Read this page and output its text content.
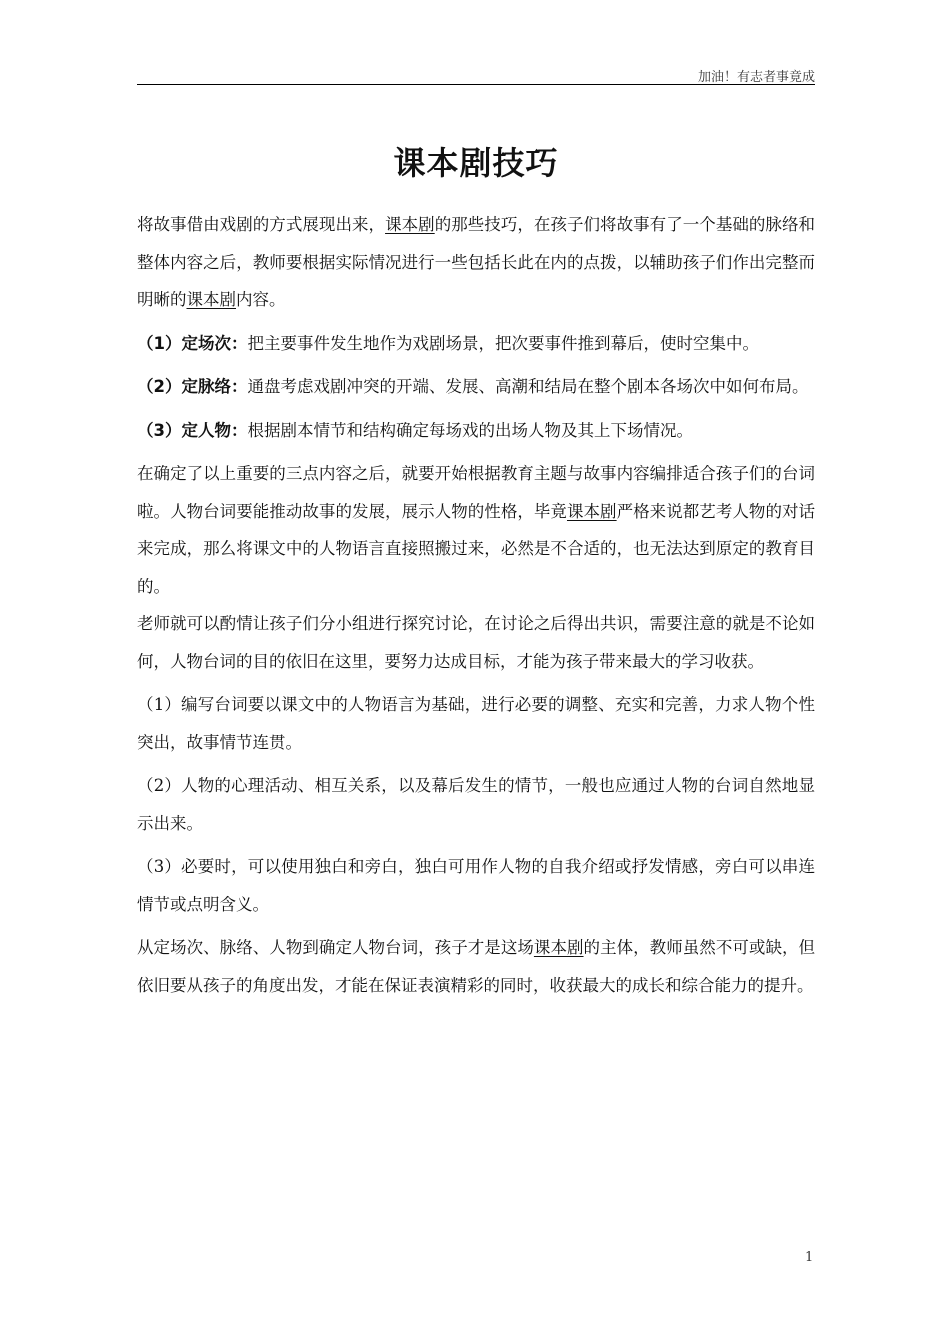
加油！有志者事竟成
课本剧技巧

将故事借由戏剧的方式展现出来，课本剧的那些技巧，在孩子们将故事有了一个基础的脉络和整体内容之后，教师要根据实际情况进行一些包括长此在内的点拨，以辅助孩子们作出完整而明晰的课本剧内容。

（1）定场次：把主要事件发生地作为戏剧场景，把次要事件推到幕后，使时空集中。

（2）定脉络：通盘考虑戏剧冲突的开端、发展、高潮和结局在整个剧本各场次中如何布局。

（3）定人物：根据剧本情节和结构确定每场戏的出场人物及其上下场情况。

在确定了以上重要的三点内容之后，就要开始根据教育主题与故事内容编排适合孩子们的台词啦。人物台词要能推动故事的发展，展示人物的性格，毕竟课本剧严格来说都艺考人物的对话来完成，那么将课文中的人物语言直接照搬过来，必然是不合适的，也无法达到原定的教育目的。

老师就可以酌情让孩子们分小组进行探究讨论，在讨论之后得出共识，需要注意的就是不论如何，人物台词的目的依旧在这里，要努力达成目标，才能为孩子带来最大的学习收获。

（1）编写台词要以课文中的人物语言为基础，进行必要的调整、充实和完善，力求人物个性突出，故事情节连贯。

（2）人物的心理活动、相互关系，以及幕后发生的情节，一般也应通过人物的台词自然地显示出来。

（3）必要时，可以使用独白和旁白，独白可用作人物的自我介绍或抒发情感，旁白可以串连情节或点明含义。

从定场次、脉络、人物到确定人物台词，孩子才是这场课本剧的主体，教师虽然不可或缺，但依旧要从孩子的角度出发，才能在保证表演精彩的同时，收获最大的成长和综合能力的提升。

1
